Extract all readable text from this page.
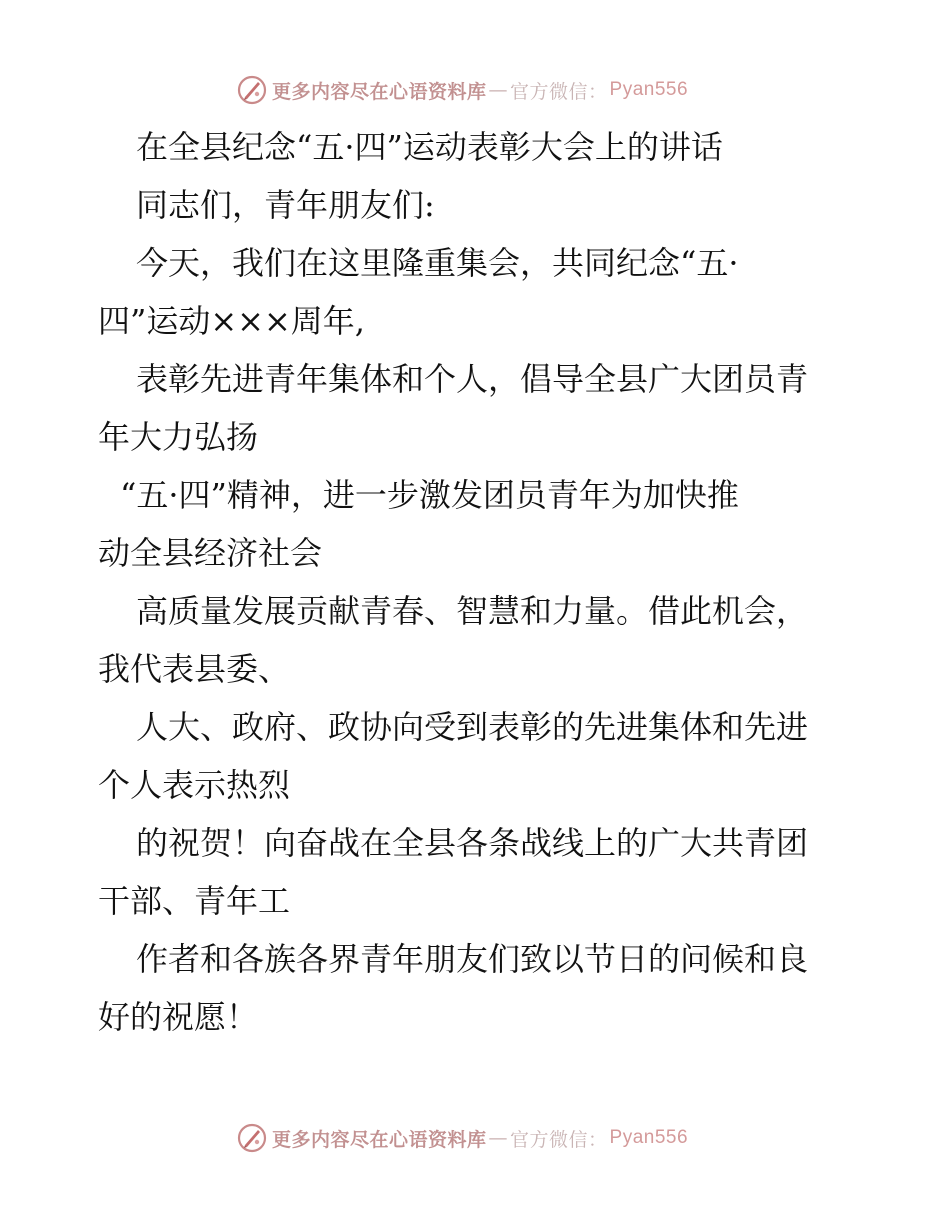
更多内容尽在心语资料库 — 官方微信： Pyan556
在全县纪念“五·四”运动表彰大会上的讲话
同志们，青年朋友们:
今天，我们在这里隆重集会，共同纪念“五·
四”运动×××周年,
表彰先进青年集体和个人，倡导全县广大团员青
年大力弘扬
“五·四”精神，进一步激发团员青年为加快推
动全县经济社会
高质量发展贡献青春、智慧和力量。借此机会，
我代表县委、
人大、政府、政协向受到表彰的先进集体和先进
个人表示热烈
的祝贺！向奋战在全县各条战线上的广大共青团
干部、青年工
作者和各族各界青年朋友们致以节日的问候和良
好的祝愿！
更多内容尽在心语资料库 — 官方微信： Pyan556
